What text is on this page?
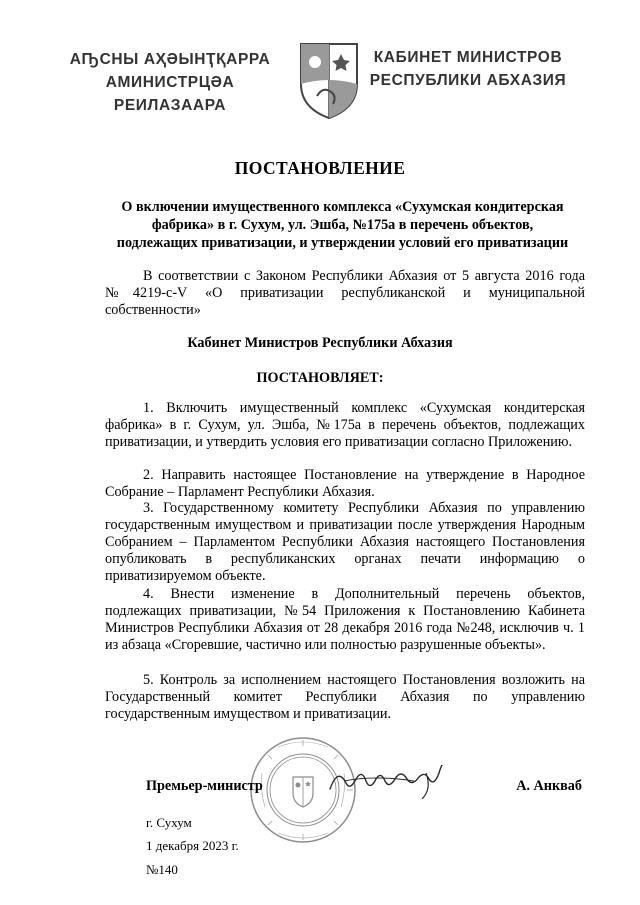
АҦСНЫ АҲӘЫНҬҚАРРА
АМИНИСТРЦӘА РЕИЛАЗААРА
КАБИНЕТ МИНИСТРОВ
РЕСПУБЛИКИ АБХАЗИЯ
ПОСТАНОВЛЕНИЕ
О включении имущественного комплекса «Сухумская кондитерская
фабрика» в г. Сухум, ул. Эшба, №175а в перечень объектов,
подлежащих приватизации, и утверждении условий его приватизации
В соответствии с Законом Республики Абхазия от 5 августа 2016 года №4219-с-V «О приватизации республиканской и муниципальной собственности»
Кабинет Министров Республики Абхазия
ПОСТАНОВЛЯЕТ:
1. Включить имущественный комплекс «Сухумская кондитерская фабрика» в г. Сухум, ул. Эшба, №175а в перечень объектов, подлежащих приватизации, и утвердить условия его приватизации согласно Приложению.
2. Направить настоящее Постановление на утверждение в Народное Собрание – Парламент Республики Абхазия.
3. Государственному комитету Республики Абхазия по управлению государственным имуществом и приватизации после утверждения Народным Собранием – Парламентом Республики Абхазия настоящего Постановления опубликовать в республиканских органах печати информацию о приватизируемом объекте.
4. Внести изменение в Дополнительный перечень объектов, подлежащих приватизации, №54 Приложения к Постановлению Кабинета Министров Республики Абхазия от 28 декабря 2016 года №248, исключив ч. 1 из абзаца «Сгоревшие, частично или полностью разрушенные объекты».
5. Контроль за исполнением настоящего Постановления возложить на Государственный комитет Республики Абхазия по управлению государственным имуществом и приватизации.
Премьер-министр	А. Анкваб
г. Сухум
1 декабря 2023 г.
№140
